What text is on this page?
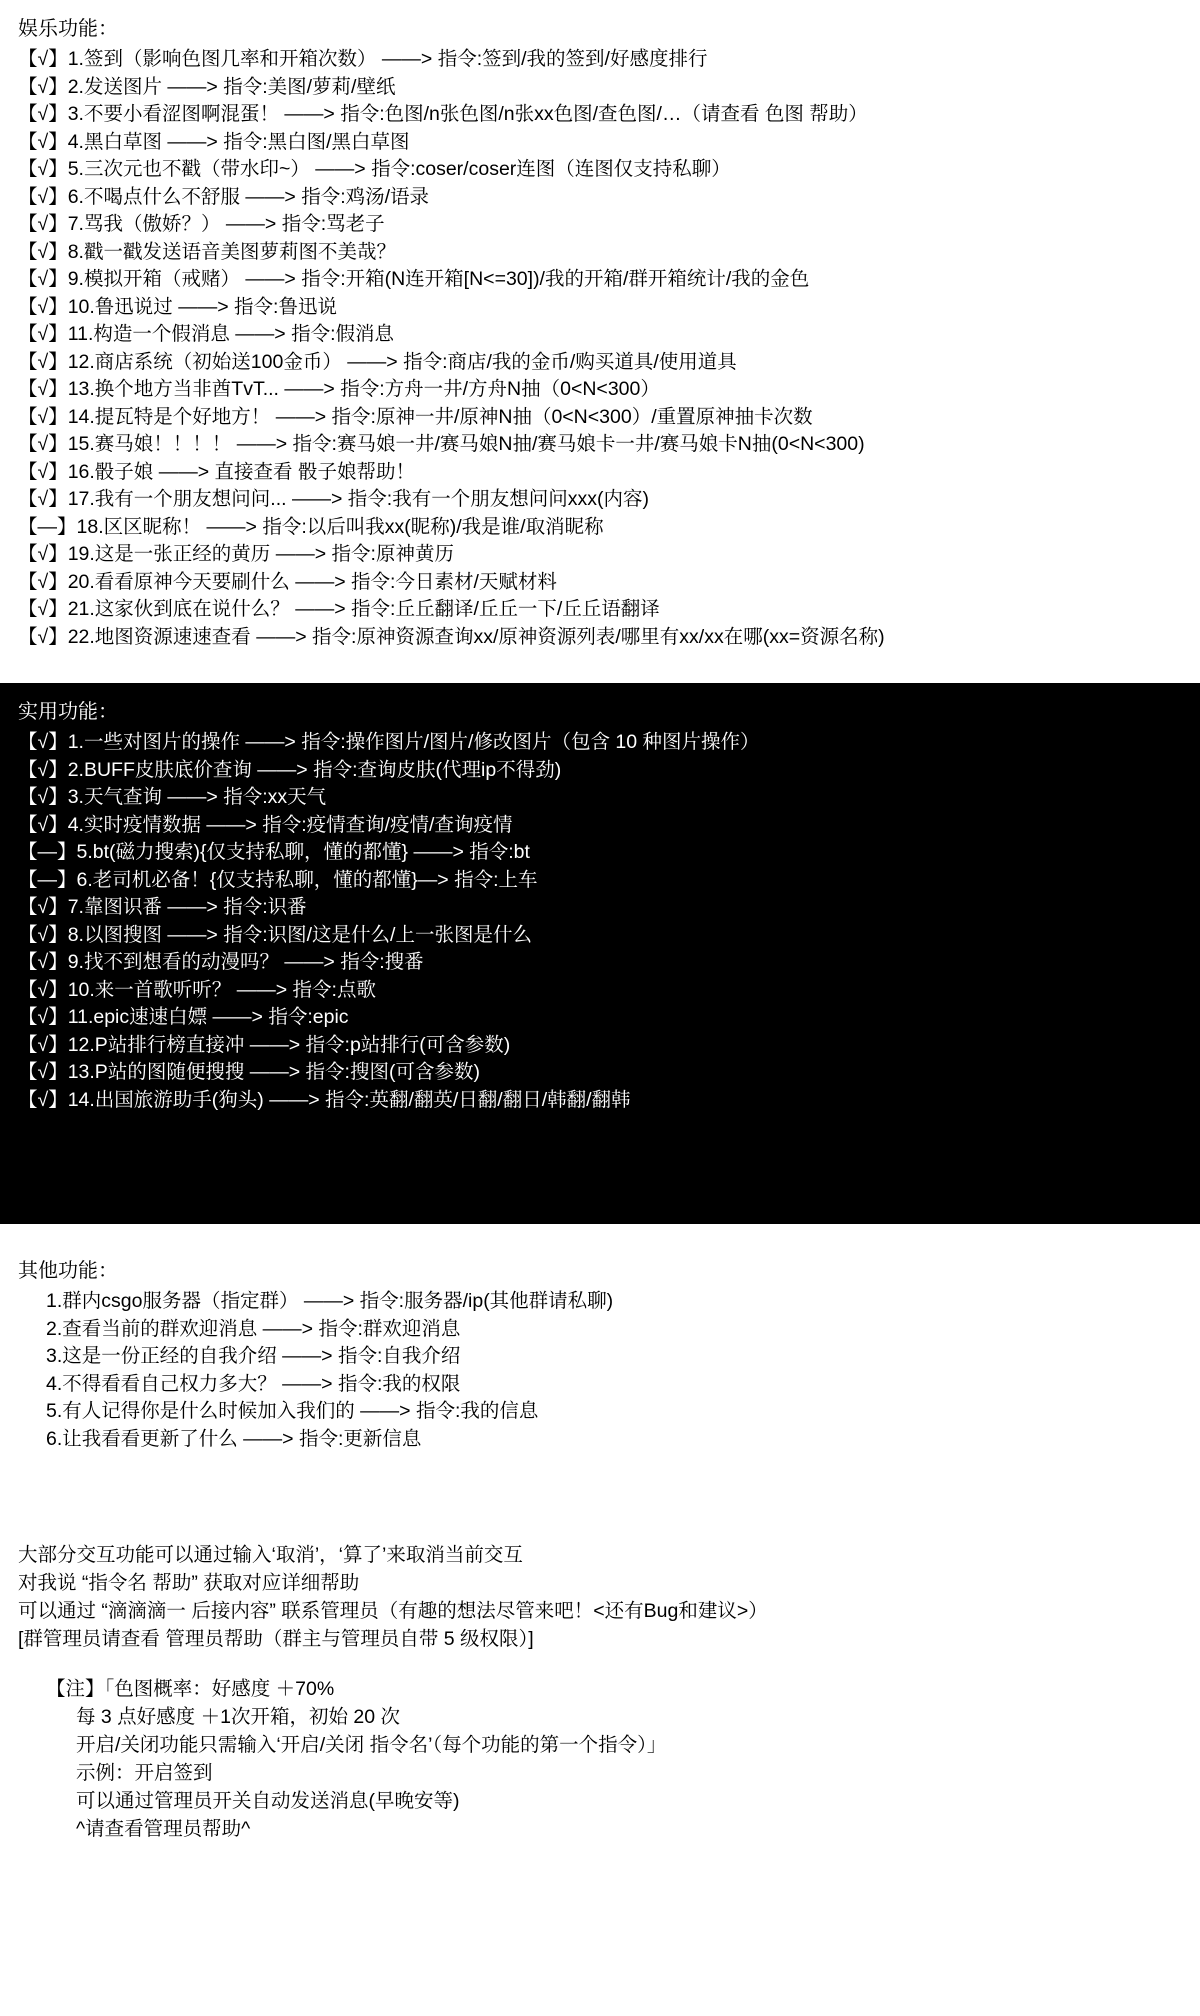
娱乐功能：
【√】1.签到（影响色图几率和开箱次数） ——> 指令:签到/我的签到/好感度排行
【√】2.发送图片 ——> 指令:美图/萝莉/壁纸
【√】3.不要小看涩图啊混蛋！ ——> 指令:色图/n张色图/n张xx色图/查色图/…（请查看 色图 帮助）
【√】4.黑白草图 ——> 指令:黑白图/黑白草图
【√】5.三次元也不戳（带水印~） ——> 指令:coser/coser连图（连图仅支持私聊）
【√】6.不喝点什么不舒服 ——> 指令:鸡汤/语录
【√】7.骂我（傲娇？） ——> 指令:骂老子
【√】8.戳一戳发送语音美图萝莉图不美哉？
【√】9.模拟开箱（戒赌） ——> 指令:开箱(N连开箱[N<=30])/我的开箱/群开箱统计/我的金色
【√】10.鲁迅说过 ——> 指令:鲁迅说
【√】11.构造一个假消息 ——> 指令:假消息
【√】12.商店系统（初始送100金币） ——> 指令:商店/我的金币/购买道具/使用道具
【√】13.换个地方当非酋TvT... ——> 指令:方舟一井/方舟N抽（0<N<300）
【√】14.提瓦特是个好地方！ ——> 指令:原神一井/原神N抽（0<N<300）/重置原神抽卡次数
【√】15.赛马娘！！！！ ——> 指令:赛马娘一井/赛马娘N抽/赛马娘卡一井/赛马娘卡N抽(0<N<300)
【√】16.骰子娘 ——> 直接查看 骰子娘帮助！
【√】17.我有一个朋友想问问... ——> 指令:我有一个朋友想问问xxx(内容)
【—】18.区区昵称！ ——> 指令:以后叫我xx(昵称)/我是谁/取消昵称
【√】19.这是一张正经的黄历 ——> 指令:原神黄历
【√】20.看看原神今天要刷什么 ——> 指令:今日素材/天赋材料
【√】21.这家伙到底在说什么？ ——> 指令:丘丘翻译/丘丘一下/丘丘语翻译
【√】22.地图资源速速查看 ——> 指令:原神资源查询xx/原神资源列表/哪里有xx/xx在哪(xx=资源名称)
实用功能：
【√】1.一些对图片的操作 ——> 指令:操作图片/图片/修改图片（包含 10 种图片操作）
【√】2.BUFF皮肤底价查询 ——> 指令:查询皮肤(代理ip不得劲)
【√】3.天气查询 ——> 指令:xx天气
【√】4.实时疫情数据 ——> 指令:疫情查询/疫情/查询疫情
【—】5.bt(磁力搜索){仅支持私聊，懂的都懂} ——> 指令:bt
【—】6.老司机必备！{仅支持私聊，懂的都懂}—> 指令:上车
【√】7.靠图识番 ——> 指令:识番
【√】8.以图搜图 ——> 指令:识图/这是什么/上一张图是什么
【√】9.找不到想看的动漫吗？ ——> 指令:搜番
【√】10.来一首歌听听？ ——> 指令:点歌
【√】11.epic速速白嫖 ——> 指令:epic
【√】12.P站排行榜直接冲 ——> 指令:p站排行(可含参数)
【√】13.P站的图随便搜搜 ——> 指令:搜图(可含参数)
【√】14.出国旅游助手(狗头) ——> 指令:英翻/翻英/日翻/翻日/韩翻/翻韩
其他功能：
1.群内csgo服务器（指定群） ——> 指令:服务器/ip(其他群请私聊)
2.查看当前的群欢迎消息 ——> 指令:群欢迎消息
3.这是一份正经的自我介绍 ——> 指令:自我介绍
4.不得看看自己权力多大？ ——> 指令:我的权限
5.有人记得你是什么时候加入我们的 ——> 指令:我的信息
6.让我看看更新了什么 ——> 指令:更新信息
大部分交互功能可以通过输入‘取消’，‘算了’来取消当前交互
对我说 “指令名 帮助” 获取对应详细帮助
可以通过 “滴滴滴一 后接内容” 联系管理员（有趣的想法尽管来吧！<还有Bug和建议>）
[群管理员请查看 管理员帮助（群主与管理员自带 5 级权限）]
【注】「色图概率：好感度 ＋70%
每 3 点好感度 ＋1次开箱，初始 20 次
开启/关闭功能只需输入‘开启/关闭 指令名’（每个功能的第一个指令）」
示例：开启签到
可以通过管理员开关自动发送消息(早晚安等)
^请查看管理员帮助^
